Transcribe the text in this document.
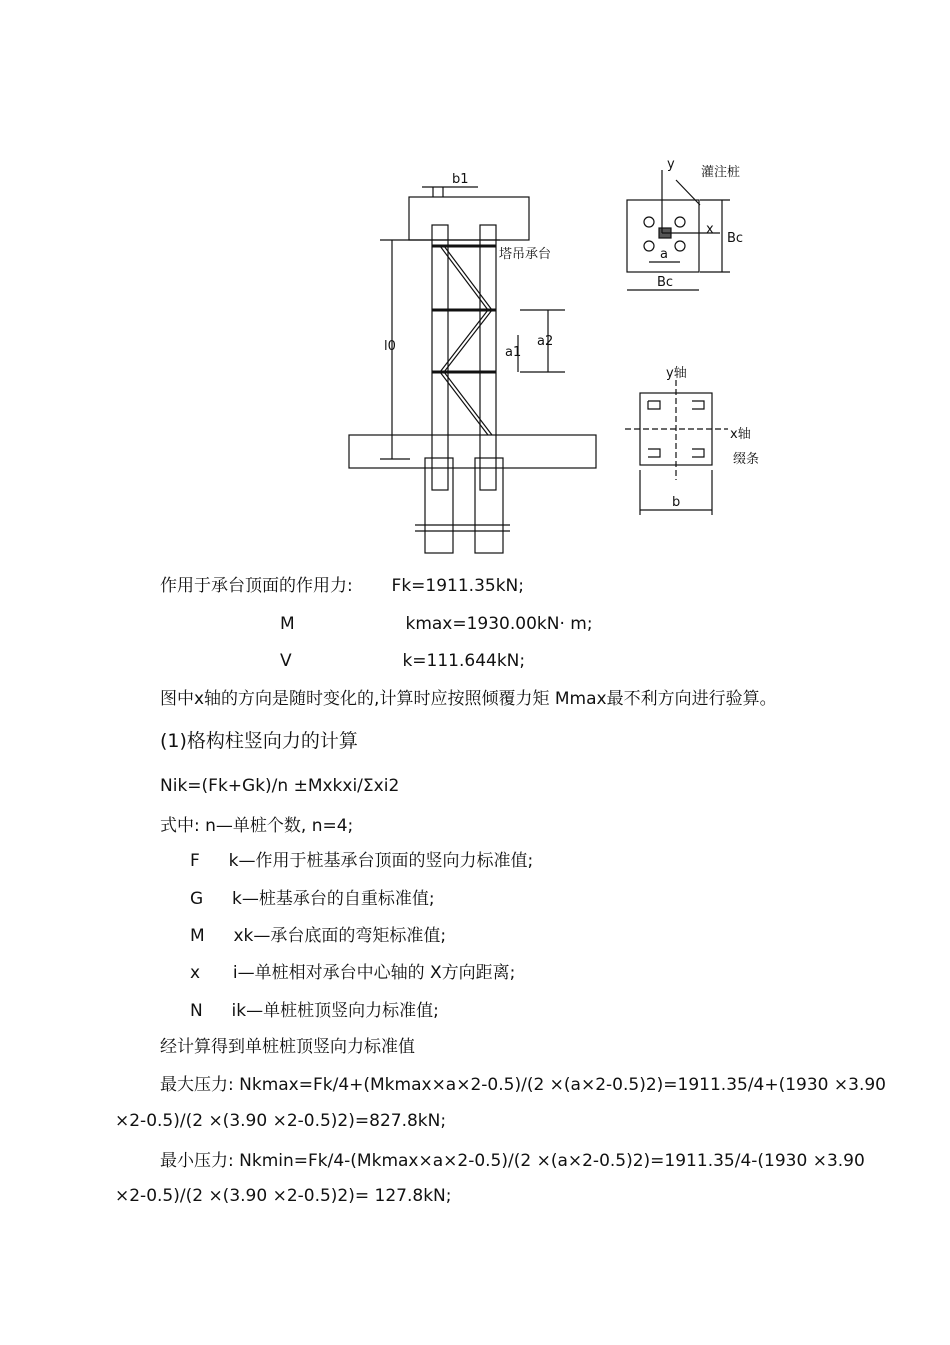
b1
塔吊承台
l0	a1
a2
灌注桩
y
x
a
Bc
Bc
y轴
x轴
缀条
b
作用于承台顶面的作用力: Fk=1911.35kN;
M	kmax=1930.00kN· m;
V	k=111.644kN;
图中x轴的方向是随时变化的,计算时应按照倾覆力矩 Mmax最不利方向进行验算。
(1)格构柱竖向力的计算
Nik=(Fk+Gk)/n ±Mxkxi/Σxi2
式中: n—单桩个数, n=4;
F k—作用于桩基承台顶面的竖向力标准值;
G k—桩基承台的自重标准值;
M xk—承台底面的弯矩标准值;
x i—单桩相对承台中心轴的 X方向距离;
N ik—单桩桩顶竖向力标准值;
经计算得到单桩桩顶竖向力标准值
最大压力: Nkmax=Fk/4+(Mkmax×a×2-0.5)/(2 ×(a×2-0.5)2)=1911.35/4+(1930 ×3.90
×2-0.5)/(2 ×(3.90 ×2-0.5)2)=827.8kN;
最小压力: Nkmin=Fk/4-(Mkmax×a×2-0.5)/(2 ×(a×2-0.5)2)=1911.35/4-(1930 ×3.90
×2-0.5)/(2 ×(3.90 ×2-0.5)2)= 127.8kN;
